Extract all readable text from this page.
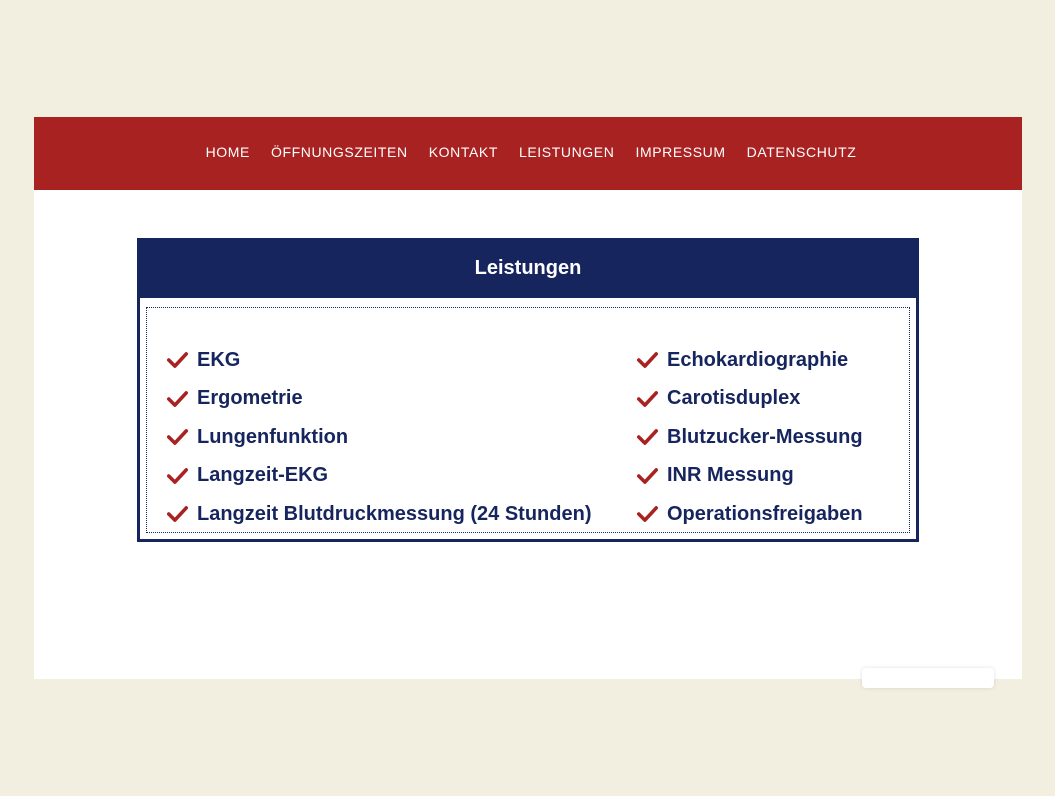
HOME ÖFFNUNGSZEITEN KONTAKT LEISTUNGEN IMPRESSUM DATENSCHUTZ
Leistungen
EKG
Ergometrie
Lungenfunktion
Langzeit-EKG
Langzeit Blutdruckmessung (24 Stunden)
Echokardiographie
Carotisduplex
Blutzucker-Messung
INR Messung
Operationsfreigaben
